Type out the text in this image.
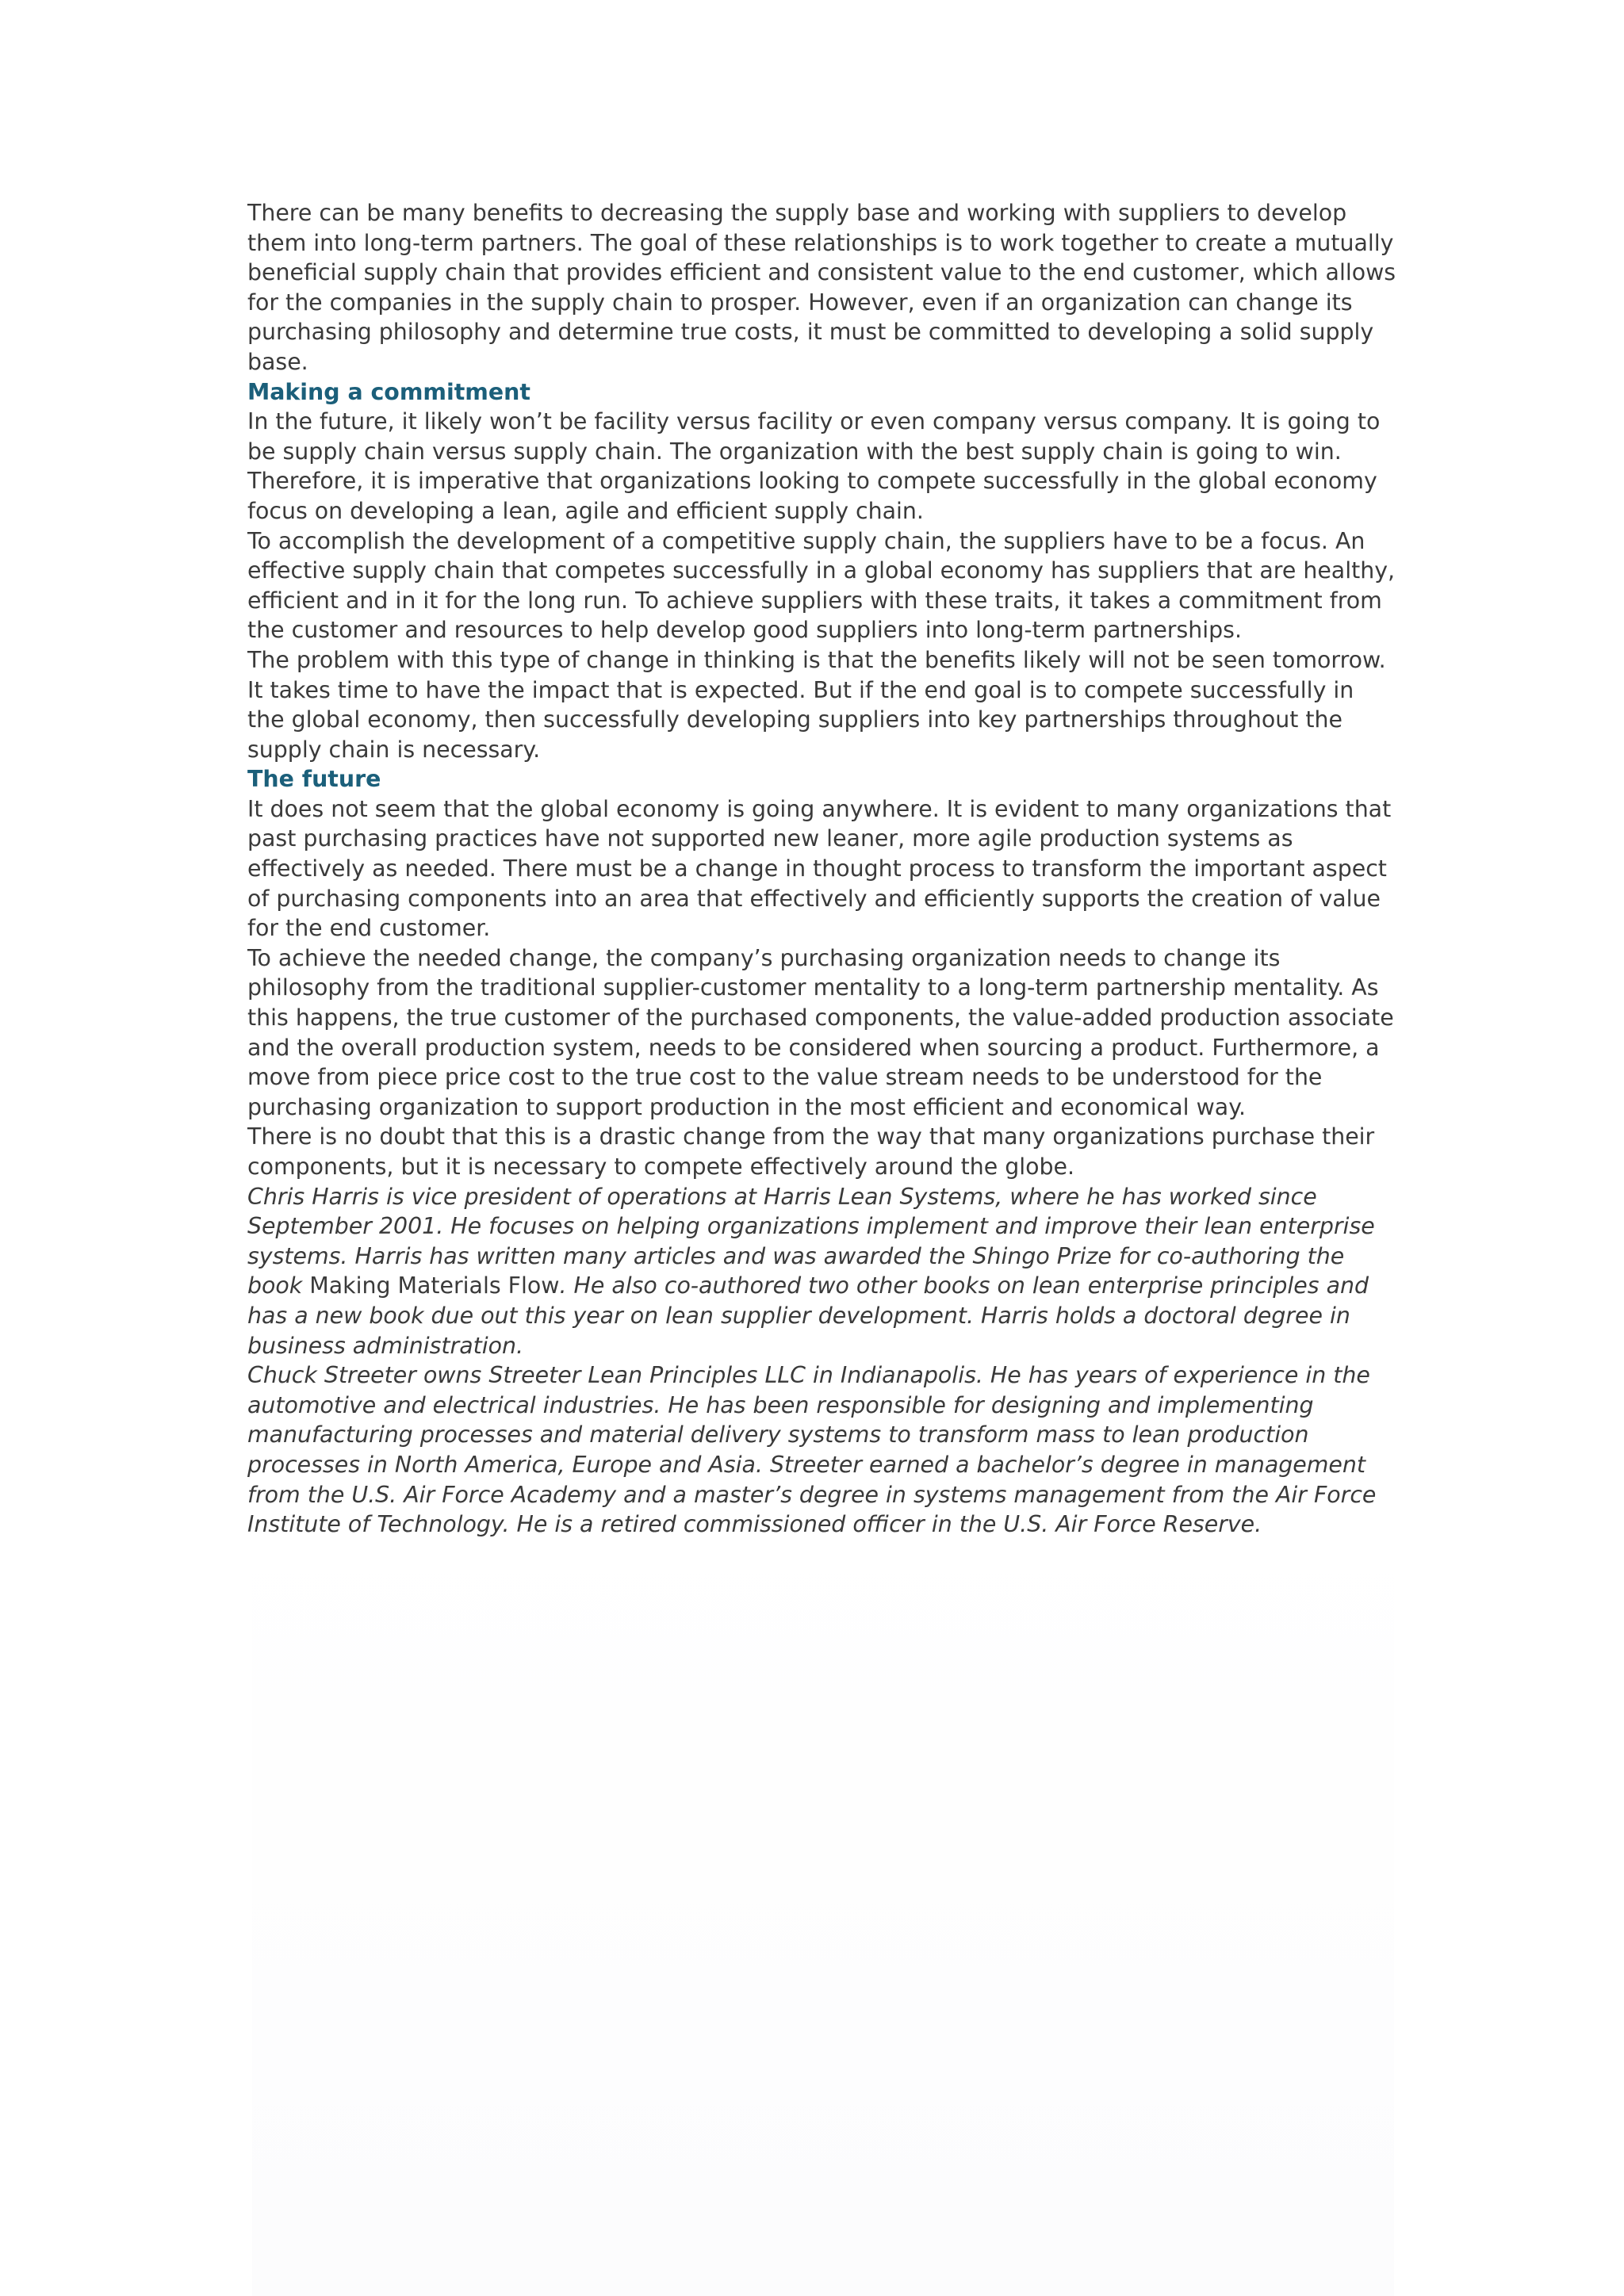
There can be many benefits to decreasing the supply base and working with suppliers to develop them into long-term partners. The goal of these relationships is to work together to create a mutually beneficial supply chain that provides efficient and consistent value to the end customer, which allows for the companies in the supply chain to prosper. However, even if an organization can change its purchasing philosophy and determine true costs, it must be committed to developing a solid supply base.

Making a commitment

In the future, it likely won’t be facility versus facility or even company versus company. It is going to be supply chain versus supply chain. The organization with the best supply chain is going to win. Therefore, it is imperative that organizations looking to compete successfully in the global economy focus on developing a lean, agile and efficient supply chain.

To accomplish the development of a competitive supply chain, the suppliers have to be a focus. An effective supply chain that competes successfully in a global economy has suppliers that are healthy, efficient and in it for the long run. To achieve suppliers with these traits, it takes a commitment from the customer and resources to help develop good suppliers into long-term partnerships.

The problem with this type of change in thinking is that the benefits likely will not be seen tomorrow. It takes time to have the impact that is expected. But if the end goal is to compete successfully in the global economy, then successfully developing suppliers into key partnerships throughout the supply chain is necessary.

The future

It does not seem that the global economy is going anywhere. It is evident to many organizations that past purchasing practices have not supported new leaner, more agile production systems as effectively as needed. There must be a change in thought process to transform the important aspect of purchasing components into an area that effectively and efficiently supports the creation of value for the end customer.

To achieve the needed change, the company’s purchasing organization needs to change its philosophy from the traditional supplier-customer mentality to a long-term partnership mentality. As this happens, the true customer of the purchased components, the value-added production associate and the overall production system, needs to be considered when sourcing a product. Furthermore, a move from piece price cost to the true cost to the value stream needs to be understood for the purchasing organization to support production in the most efficient and economical way.

There is no doubt that this is a drastic change from the way that many organizations purchase their components, but it is necessary to compete effectively around the globe.

Chris Harris is vice president of operations at Harris Lean Systems, where he has worked since September 2001. He focuses on helping organizations implement and improve their lean enterprise systems. Harris has written many articles and was awarded the Shingo Prize for co-authoring the book Making Materials Flow. He also co-authored two other books on lean enterprise principles and has a new book due out this year on lean supplier development. Harris holds a doctoral degree in business administration.

Chuck Streeter owns Streeter Lean Principles LLC in Indianapolis. He has years of experience in the automotive and electrical industries. He has been responsible for designing and implementing manufacturing processes and material delivery systems to transform mass to lean production processes in North America, Europe and Asia. Streeter earned a bachelor’s degree in management from the U.S. Air Force Academy and a master’s degree in systems management from the Air Force Institute of Technology. He is a retired commissioned officer in the U.S. Air Force Reserve.
